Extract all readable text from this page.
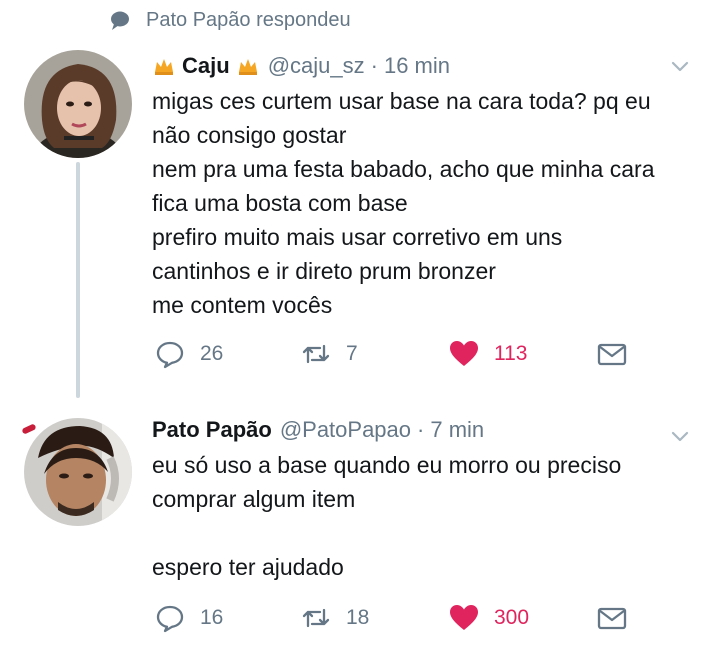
Pato Papão respondeu
Caju @caju_sz · 16 min
migas ces curtem usar base na cara toda? pq eu
não consigo gostar
nem pra uma festa babado, acho que minha cara
fica uma bosta com base
prefiro muito mais usar corretivo em uns
cantinhos e ir direto prum bronzer
me contem vocês
26	7	113
Pato Papão @PatoPapao · 7 min
eu só uso a base quando eu morro ou preciso
comprar algum item
espero ter ajudado
16	18	300
